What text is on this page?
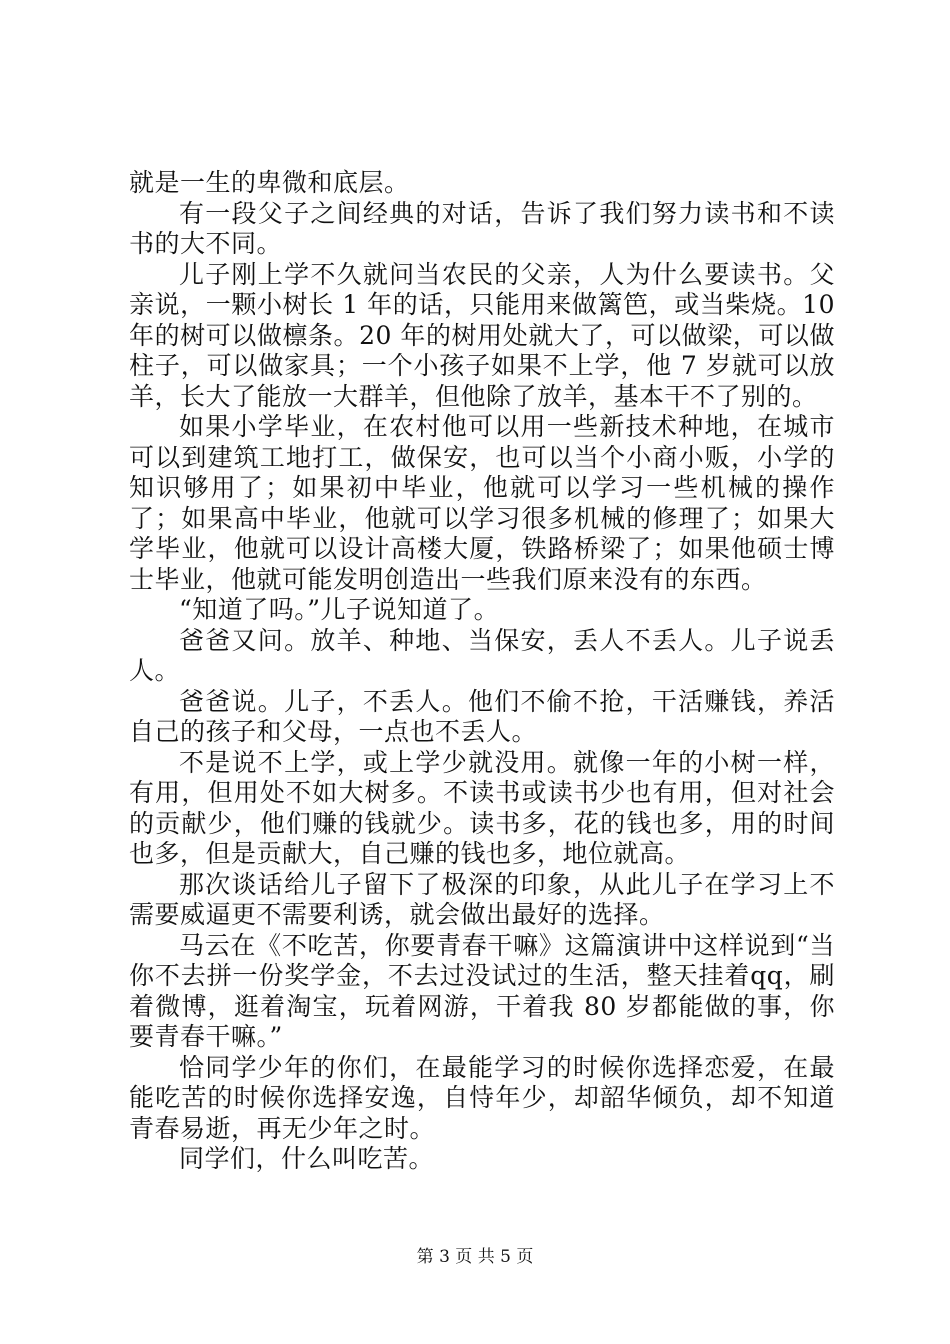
就是一生的卑微和底层。

有一段父子之间经典的对话，告诉了我们努力读书和不读书的大不同。

儿子刚上学不久就问当农民的父亲，人为什么要读书。父亲说，一颗小树长 1 年的话，只能用来做篱笆，或当柴烧。10 年的树可以做檩条。20 年的树用处就大了，可以做梁，可以做柱子，可以做家具；一个小孩子如果不上学，他 7 岁就可以放羊，长大了能放一大群羊，但他除了放羊，基本干不了别的。

如果小学毕业，在农村他可以用一些新技术种地，在城市可以到建筑工地打工，做保安，也可以当个小商小贩，小学的知识够用了；如果初中毕业，他就可以学习一些机械的操作了；如果高中毕业，他就可以学习很多机械的修理了；如果大学毕业，他就可以设计高楼大厦，铁路桥梁了；如果他硕士博士毕业，他就可能发明创造出一些我们原来没有的东西。

“知道了吗。”儿子说知道了。

爸爸又问。放羊、种地、当保安，丢人不丢人。儿子说丢人。

爸爸说。儿子，不丢人。他们不偷不抢，干活赚钱，养活自己的孩子和父母，一点也不丢人。

不是说不上学，或上学少就没用。就像一年的小树一样，有用，但用处不如大树多。不读书或读书少也有用，但对社会的贡献少，他们赚的钱就少。读书多，花的钱也多，用的时间也多，但是贡献大，自己赚的钱也多，地位就高。

那次谈话给儿子留下了极深的印象，从此儿子在学习上不需要威逼更不需要利诱，就会做出最好的选择。

马云在《不吃苦，你要青春干嘛》这篇演讲中这样说到“当你不去拼一份奖学金，不去过没试过的生活，整天挂着qq，刷着微博，逛着淘宝，玩着网游，干着我 80 岁都能做的事，你要青春干嘛。”

恰同学少年的你们，在最能学习的时候你选择恋爱，在最能吃苦的时候你选择安逸，自恃年少，却韶华倾负，却不知道青春易逝，再无少年之时。

同学们，什么叫吃苦。

第 3 页 共 5 页
